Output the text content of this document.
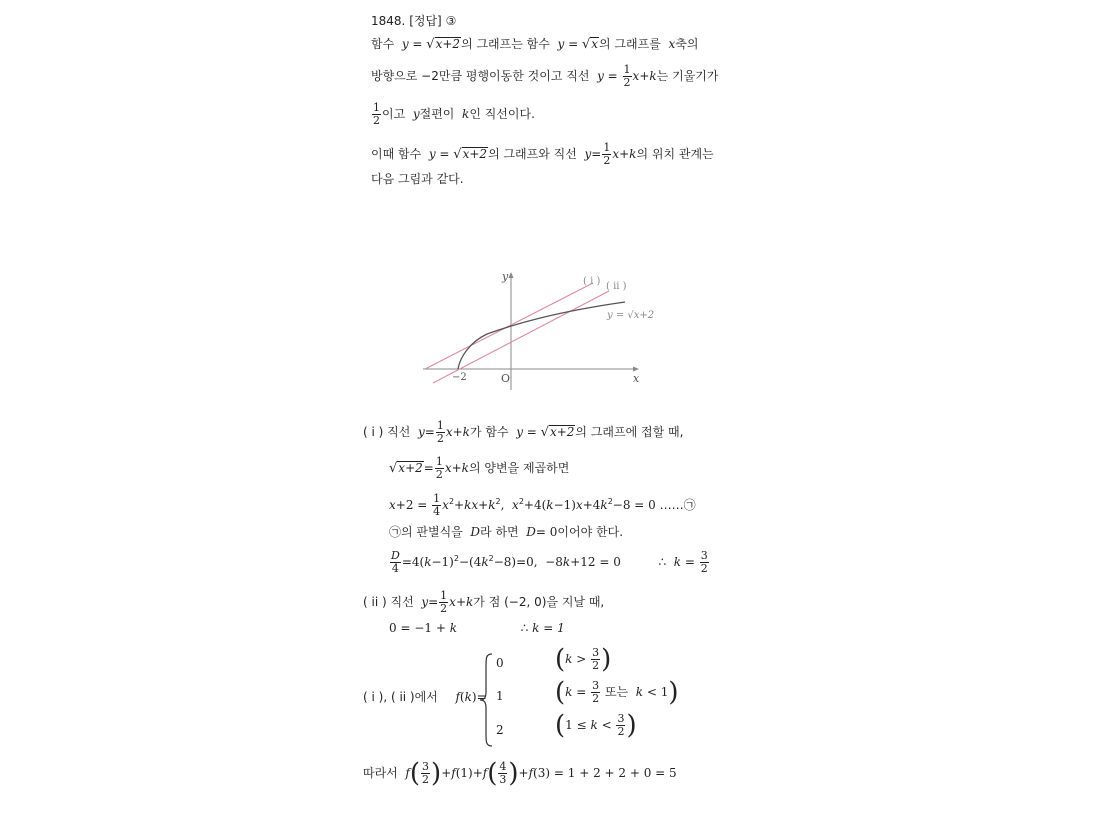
1848. [정답] ③
함수  y = √x+2의 그래프는 함수  y = √x의 그래프를  x축의
방향으로 −2만큼 평행이동한 것이고 직선  $y = \frac{1}{2} x+k$는 기울기가
$\frac{1}{2}$ 이고  y절편이  k인 직선이다.
이때 함수  y = √x+2의 그래프와 직선  $y= \frac{1}{2} x+k$의 위치 관계는
다음 그림과 같다.
y
x
O
−2
( i ) ( ii )
y = √x+2
( i ) 직선  $y= \frac{1}{2} x+k$가 함수  y = √x+2의 그래프에 접할 때,
$√x+2= \frac{1}{2} x+k$의 양변을 제곱하면
$x+2 = \frac{1}{4} x^2+kx+k^2$,  $x^2+4(k-1)x+4k^2-8 = 0$ ……㉠
㉠의 판별식을  D라 하면  D= 0이어야 한다.
$\frac{D}{4} =4(k-1)^2-(4k^2-8)=0$,  −8k+12 = 0	∴  $k = \frac{3}{2}$
( ii ) 직선  $y= \frac{1}{2} x+k$가 점 (−2, 0)을 지날 때,
0 = −1 + k	∴ k = 1
( i ), ( ii )에서 f(k)=
0
1
2
($k > \frac{3}{2}$ )
($k = \frac{3}{2}$ 또는  k < 1)
($1 \le k < \frac{3}{2}$ )
따라서  $f( \frac{3}{2} )+f(1)+f( \frac{4}{3} )+f(3) = 1 + 2 + 2 + 0 = 5$
